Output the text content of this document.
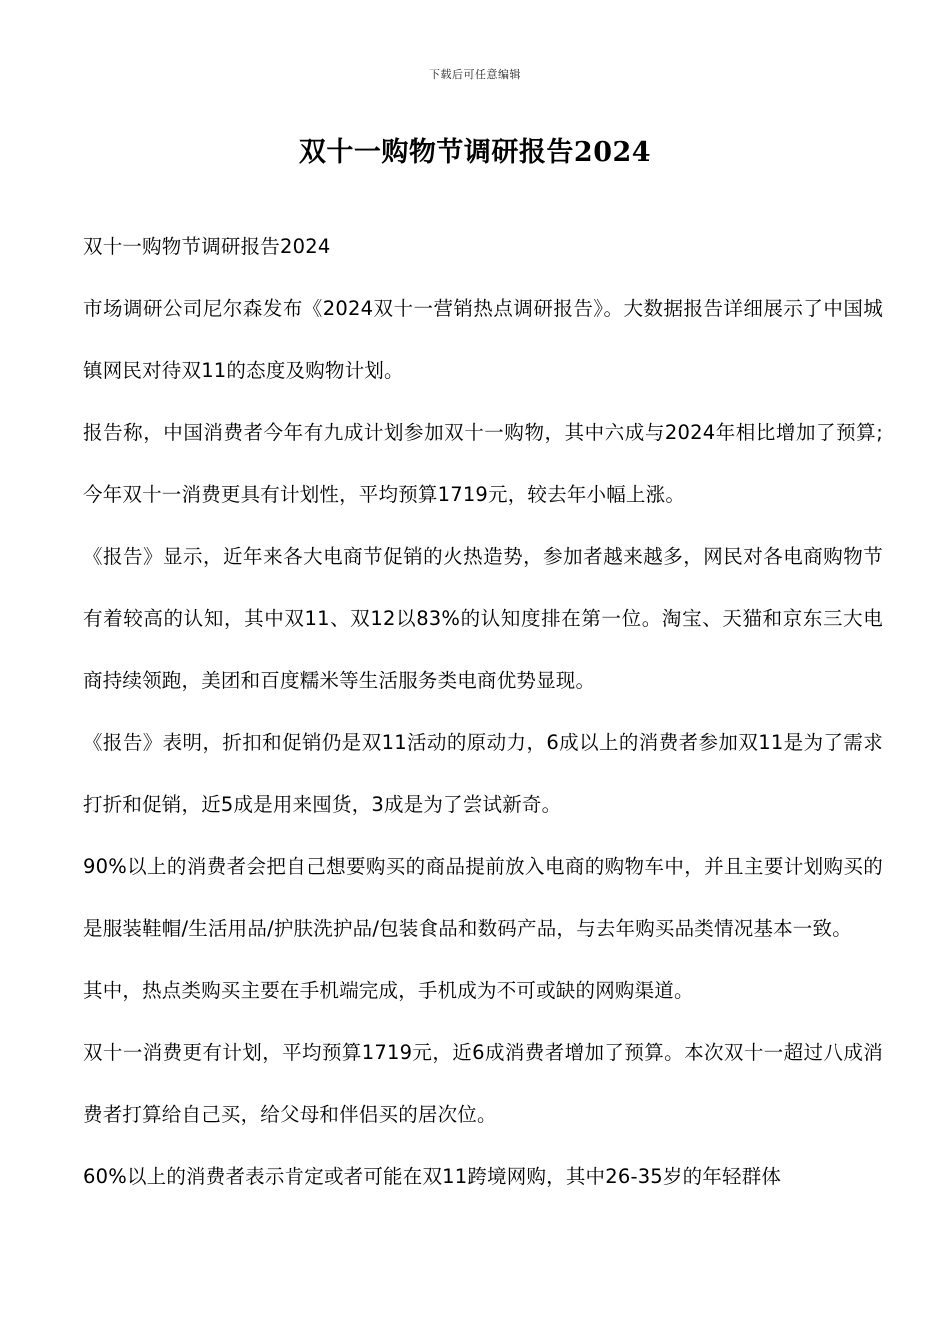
下载后可任意编辑
双十一购物节调研报告2024

双十一购物节调研报告2024

市场调研公司尼尔森发布《2024双十一营销热点调研报告》。大数据报告详细展示了中国城镇网民对待双11的态度及购物计划。

报告称，中国消费者今年有九成计划参加双十一购物，其中六成与2024年相比增加了预算;今年双十一消费更具有计划性，平均预算1719元，较去年小幅上涨。

《报告》显示，近年来各大电商节促销的火热造势，参加者越来越多，网民对各电商购物节有着较高的认知，其中双11、双12以83%的认知度排在第一位。淘宝、天猫和京东三大电商持续领跑，美团和百度糯米等生活服务类电商优势显现。

《报告》表明，折扣和促销仍是双11活动的原动力，6成以上的消费者参加双11是为了需求打折和促销，近5成是用来囤货，3成是为了尝试新奇。

90%以上的消费者会把自己想要购买的商品提前放入电商的购物车中，并且主要计划购买的是服装鞋帽/生活用品/护肤洗护品/包装食品和数码产品，与去年购买品类情况基本一致。

其中，热点类购买主要在手机端完成，手机成为不可或缺的网购渠道。

双十一消费更有计划，平均预算1719元，近6成消费者增加了预算。本次双十一超过八成消费者打算给自己买，给父母和伴侣买的居次位。

60%以上的消费者表示肯定或者可能在双11跨境网购，其中26-35岁的年轻群体
